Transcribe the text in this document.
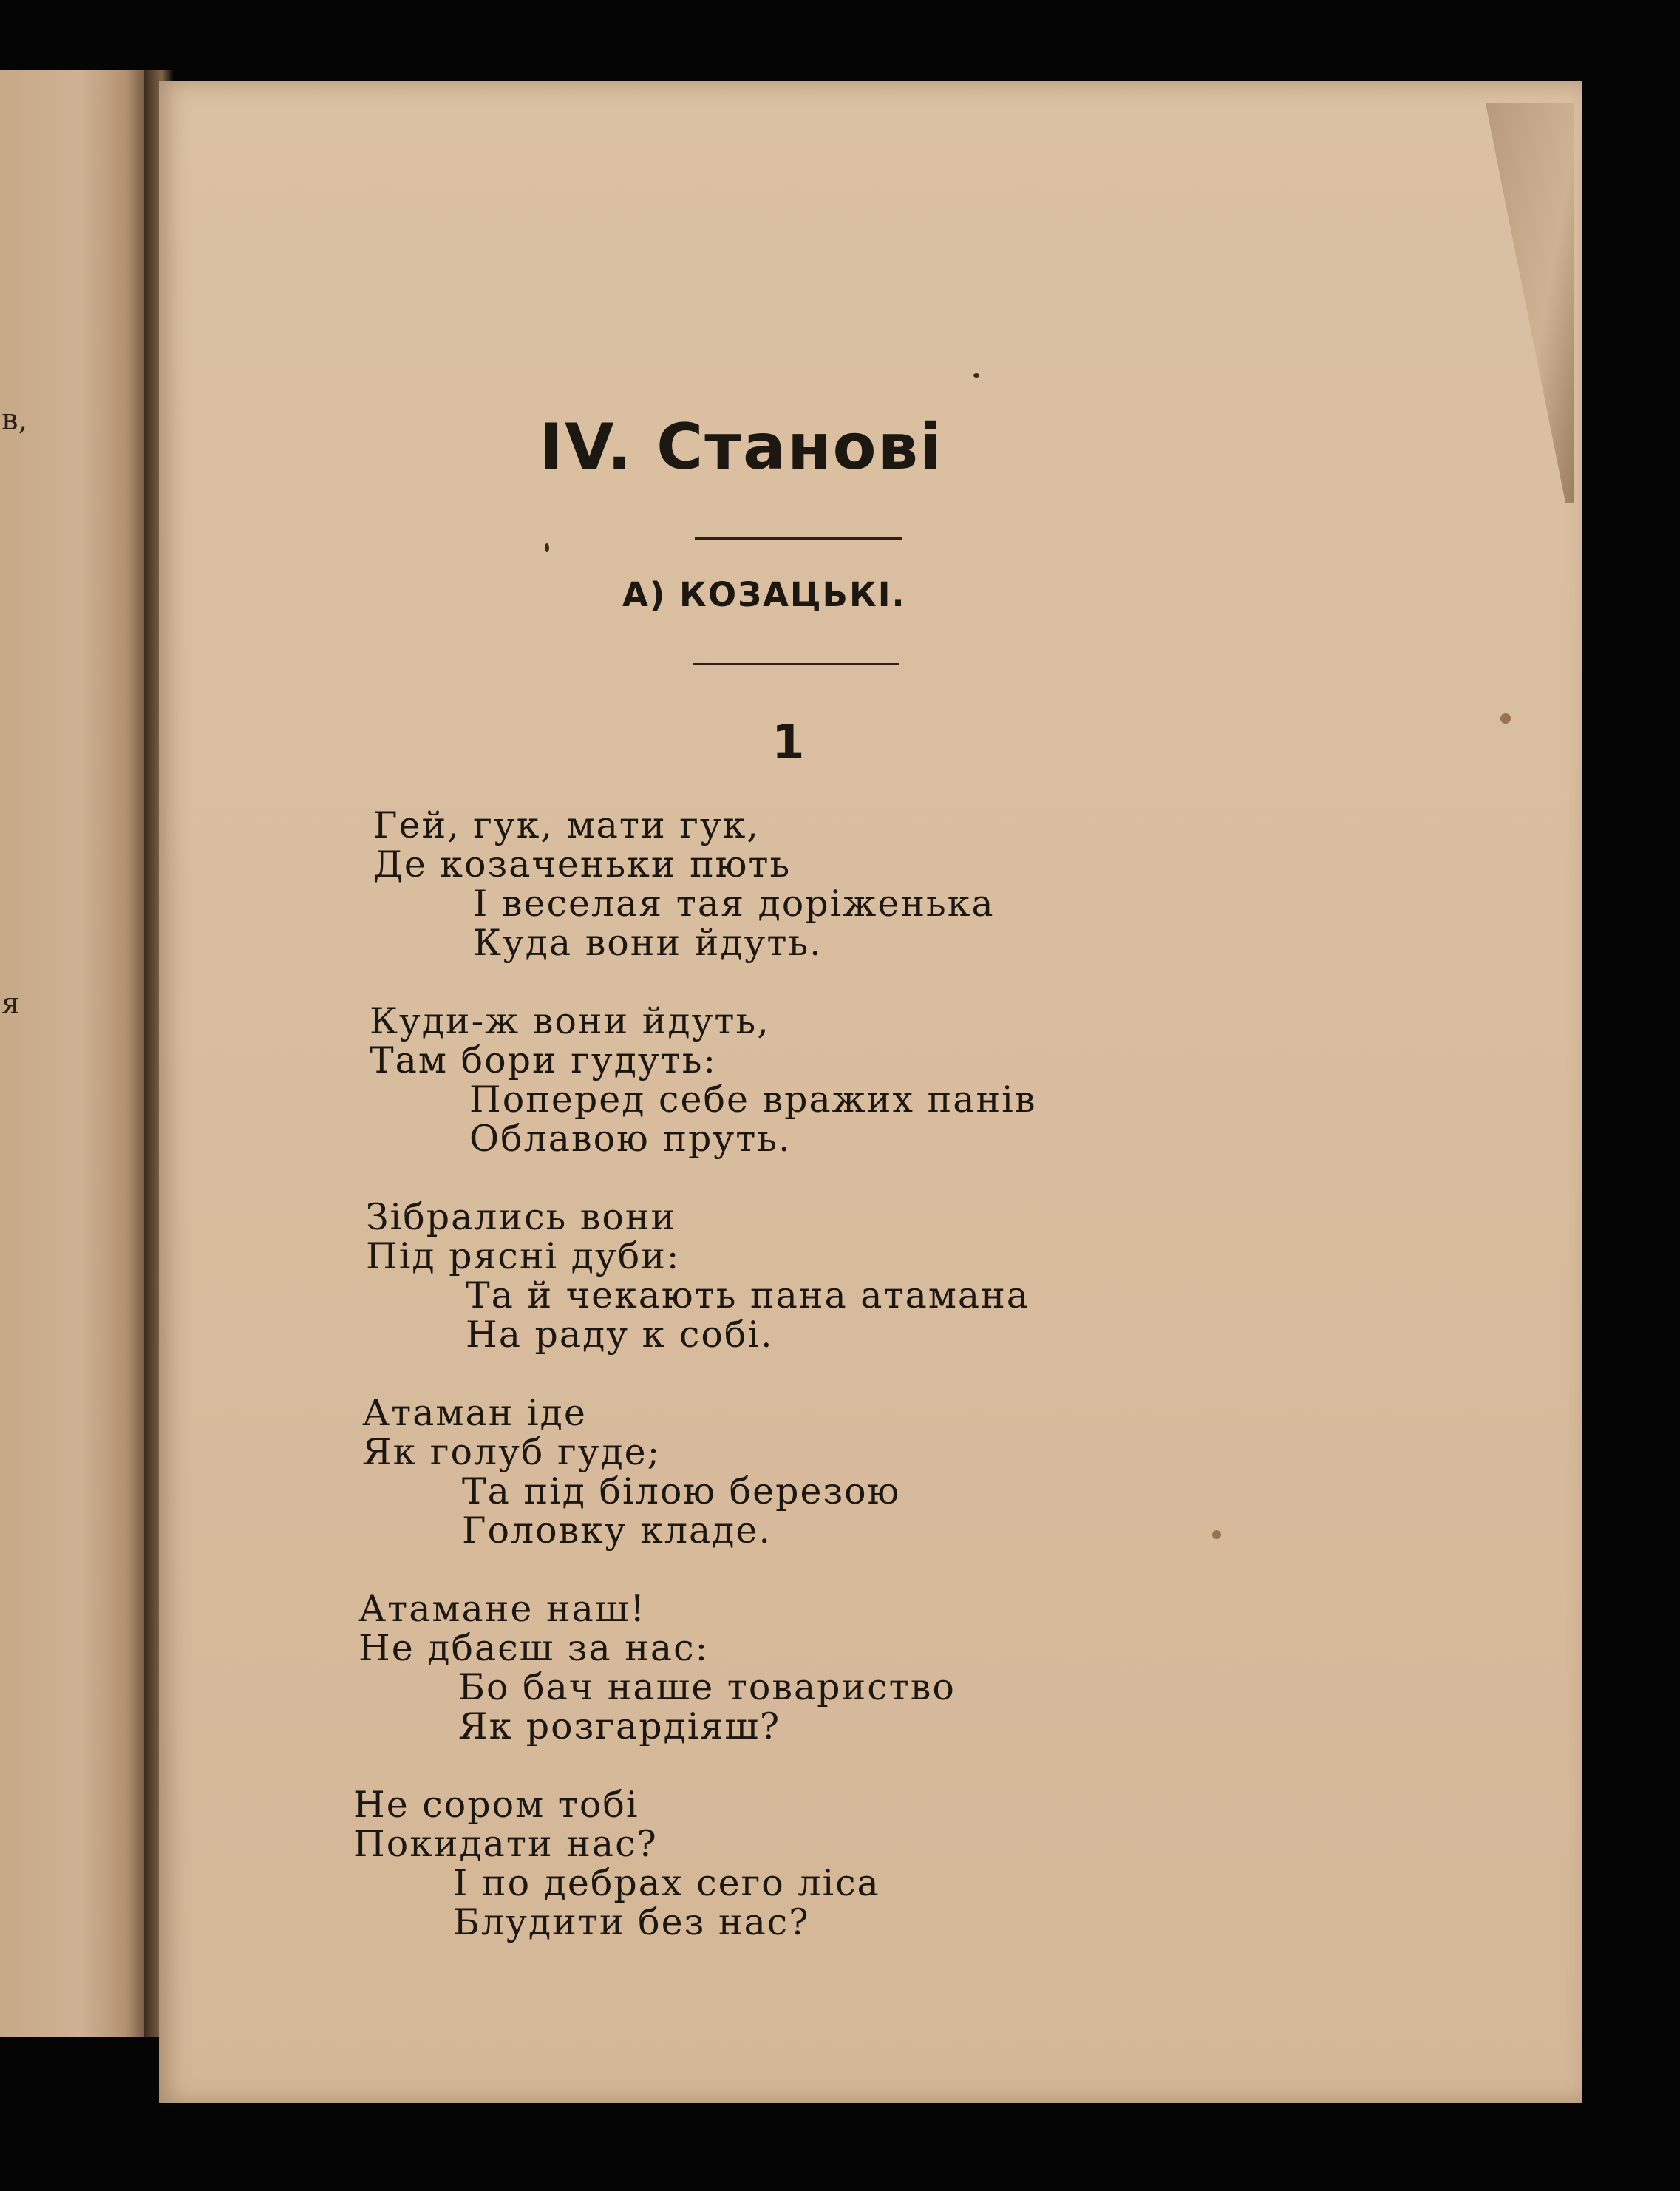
в,
я
IV. Станові
А) КОЗАЦЬКІ.
1
Гей, гук, мати гук,
Де козаченьки пють
І веселая тая доріженька
Куда вони йдуть.
Куди-ж вони йдуть,
Там бори гудуть:
Поперед себе вражих панів
Облавою пруть.
Зібрались вони
Під рясні дуби:
Та й чекають пана атамана
На раду к собі.
Атаман іде
Як голуб гуде;
Та під білою березою
Головку кладе.
Атамане наш!
Не дбаєш за нас:
Бо бач наше товариство
Як розгардіяш?
Не сором тобі
Покидати нас?
І по дебрах сего ліса
Блудити без нас?
